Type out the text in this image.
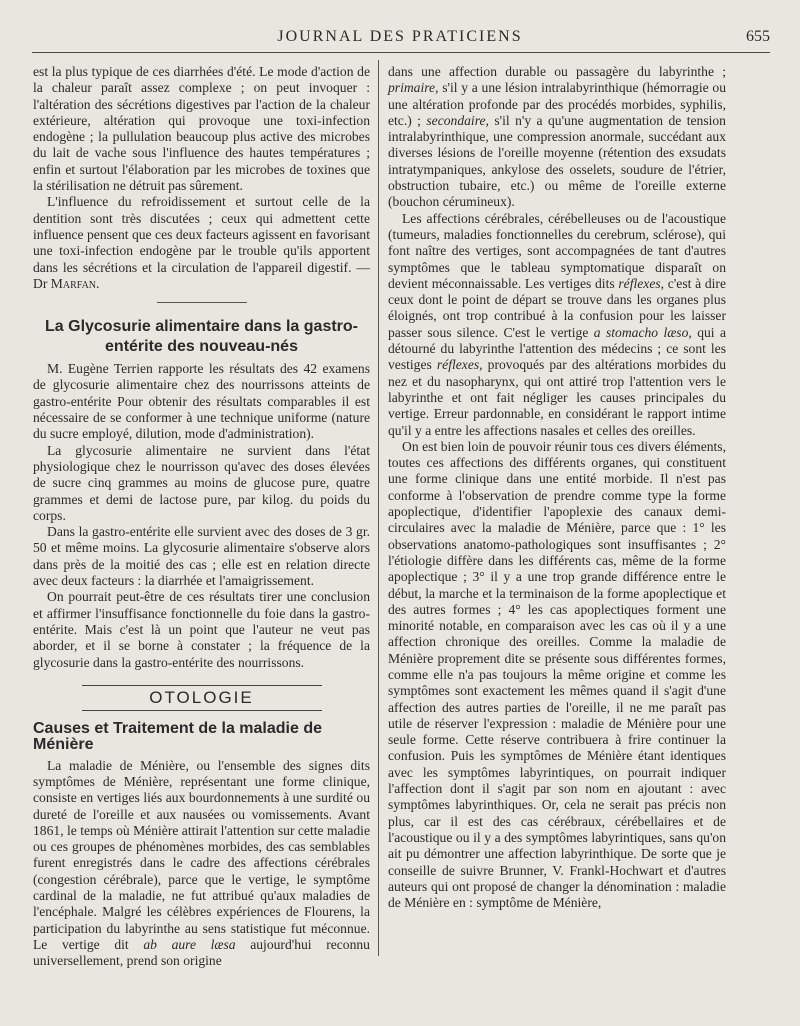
JOURNAL DES PRATICIENS	655

est la plus typique de ces diarrhées d'été. Le mode d'action de la chaleur paraît assez complexe ; on peut invoquer : l'altération des sécrétions digestives par l'action de la chaleur extérieure, altération qui provoque une toxi-infection endogène ; la pullulation beaucoup plus active des microbes du lait de vache sous l'influence des hautes températures ; enfin et surtout l'élaboration par les microbes de toxines que la stérilisation ne détruit pas sûrement.

L'influence du refroidissement et surtout celle de la dentition sont très discutées ; ceux qui admettent cette influence pensent que ces deux facteurs agissent en favorisant une toxi-infection endogène par le trouble qu'ils apportent dans les sécrétions et la circulation de l'appareil digestif. — Dr Marfan.

La Glycosurie alimentaire dans la gastro-entérite des nouveau-nés

M. Eugène Terrien rapporte les résultats des 42 examens de glycosurie alimentaire chez des nourrissons atteints de gastro-entérite Pour obtenir des résultats comparables il est nécessaire de se conformer à une technique uniforme (nature du sucre employé, dilution, mode d'administration).

La glycosurie alimentaire ne survient dans l'état physiologique chez le nourrisson qu'avec des doses élevées de sucre cinq grammes au moins de glucose pure, quatre grammes et demi de lactose pure, par kilog. du poids du corps.

Dans la gastro-entérite elle survient avec des doses de 3 gr. 50 et même moins. La glycosurie alimentaire s'observe alors dans près de la moitié des cas ; elle est en relation directe avec deux facteurs : la diarrhée et l'amaigrissement.

On pourrait peut-être de ces résultats tirer une conclusion et affirmer l'insuffisance fonctionnelle du foie dans la gastro-entérite. Mais c'est là un point que l'auteur ne veut pas aborder, et il se borne à constater ; la fréquence de la glycosurie dans la gastro-entérite des nourrissons.

OTOLOGIE
Causes et Traitement de la maladie de Ménière

La maladie de Ménière, ou l'ensemble des signes dits symptômes de Ménière, représentant une forme clinique, consiste en vertiges liés aux bourdonnements à une surdité ou dureté de l'oreille et aux nausées ou vomissements. Avant 1861, le temps où Ménière attirait l'attention sur cette maladie ou ces groupes de phénomènes morbides, des cas semblables furent enregistrés dans le cadre des affections cérébrales (congestion cérébrale), parce que le vertige, le symptôme cardinal de la maladie, ne fut attribué qu'aux maladies de l'encéphale. Malgré les célèbres expériences de Flourens, la participation du labyrinthe au sens statistique fut méconnue. Le vertige dit ab aure læsa aujourd'hui reconnu universellement, prend son origine

dans une affection durable ou passagère du labyrinthe ; primaire, s'il y a une lésion intralabyrinthique (hémorragie ou une altération profonde par des procédés morbides, syphilis, etc.) ; secondaire, s'il n'y a qu'une augmentation de tension intralabyrinthique, une compression anormale, succédant aux diverses lésions de l'oreille moyenne (rétention des exsudats intratympaniques, ankylose des osselets, soudure de l'étrier, obstruction tubaire, etc.) ou même de l'oreille externe (bouchon cérumineux).

Les affections cérébrales, cérébelleuses ou de l'acoustique (tumeurs, maladies fonctionnelles du cerebrum, sclérose), qui font naître des vertiges, sont accompagnées de tant d'autres symptômes que le tableau symptomatique disparaît on devient méconnaissable. Les vertiges dits réflexes, c'est à dire ceux dont le point de départ se trouve dans les organes plus éloignés, ont trop contribué à la confusion pour les laisser passer sous silence. C'est le vertige a stomacho læso, qui a détourné du labyrinthe l'attention des médecins ; ce sont les vestiges réflexes, provoqués par des altérations morbides du nez et du nasopharynx, qui ont attiré trop l'attention vers le labyrinthe et ont fait négliger les causes principales du vertige. Erreur pardonnable, en considérant le rapport intime qu'il y a entre les affections nasales et celles des oreilles.

On est bien loin de pouvoir réunir tous ces divers éléments, toutes ces affections des différents organes, qui constituent une forme clinique dans une entité morbide. Il n'est pas conforme à l'observation de prendre comme type la forme apoplectique, d'identifier l'apoplexie des canaux demi-circulaires avec la maladie de Ménière, parce que : 1° les observations anatomo-pathologiques sont insuffisantes ; 2° l'étiologie diffère dans les différents cas, même de la forme apoplectique ; 3° il y a une trop grande différence entre le début, la marche et la terminaison de la forme apoplectique et des autres formes ; 4° les cas apoplectiques forment une minorité notable, en comparaison avec les cas où il y a une affection chronique des oreilles. Comme la maladie de Ménière proprement dite se présente sous différentes formes, comme elle n'a pas toujours la même origine et comme les symptômes sont exactement les mêmes quand il s'agit d'une affection des autres parties de l'oreille, il ne me paraît pas utile de réserver l'expression : maladie de Ménière pour une seule forme. Cette réserve contribuera à frire continuer la confusion. Puis les symptômes de Ménière étant identiques avec les symptômes labyrintiques, on pourrait indiquer l'affection dont il s'agit par son nom en ajoutant : avec symptômes labyrinthiques. Or, cela ne serait pas précis non plus, car il est des cas cérébraux, cérébellaires et de l'acoustique ou il y a des symptômes labyrintiques, sans qu'on ait pu démontrer une affection labyrinthique. De sorte que je conseille de suivre Brunner, V. Frankl-Hochwart et d'autres auteurs qui ont proposé de changer la dénomination : maladie de Ménière en : symptôme de Ménière,
